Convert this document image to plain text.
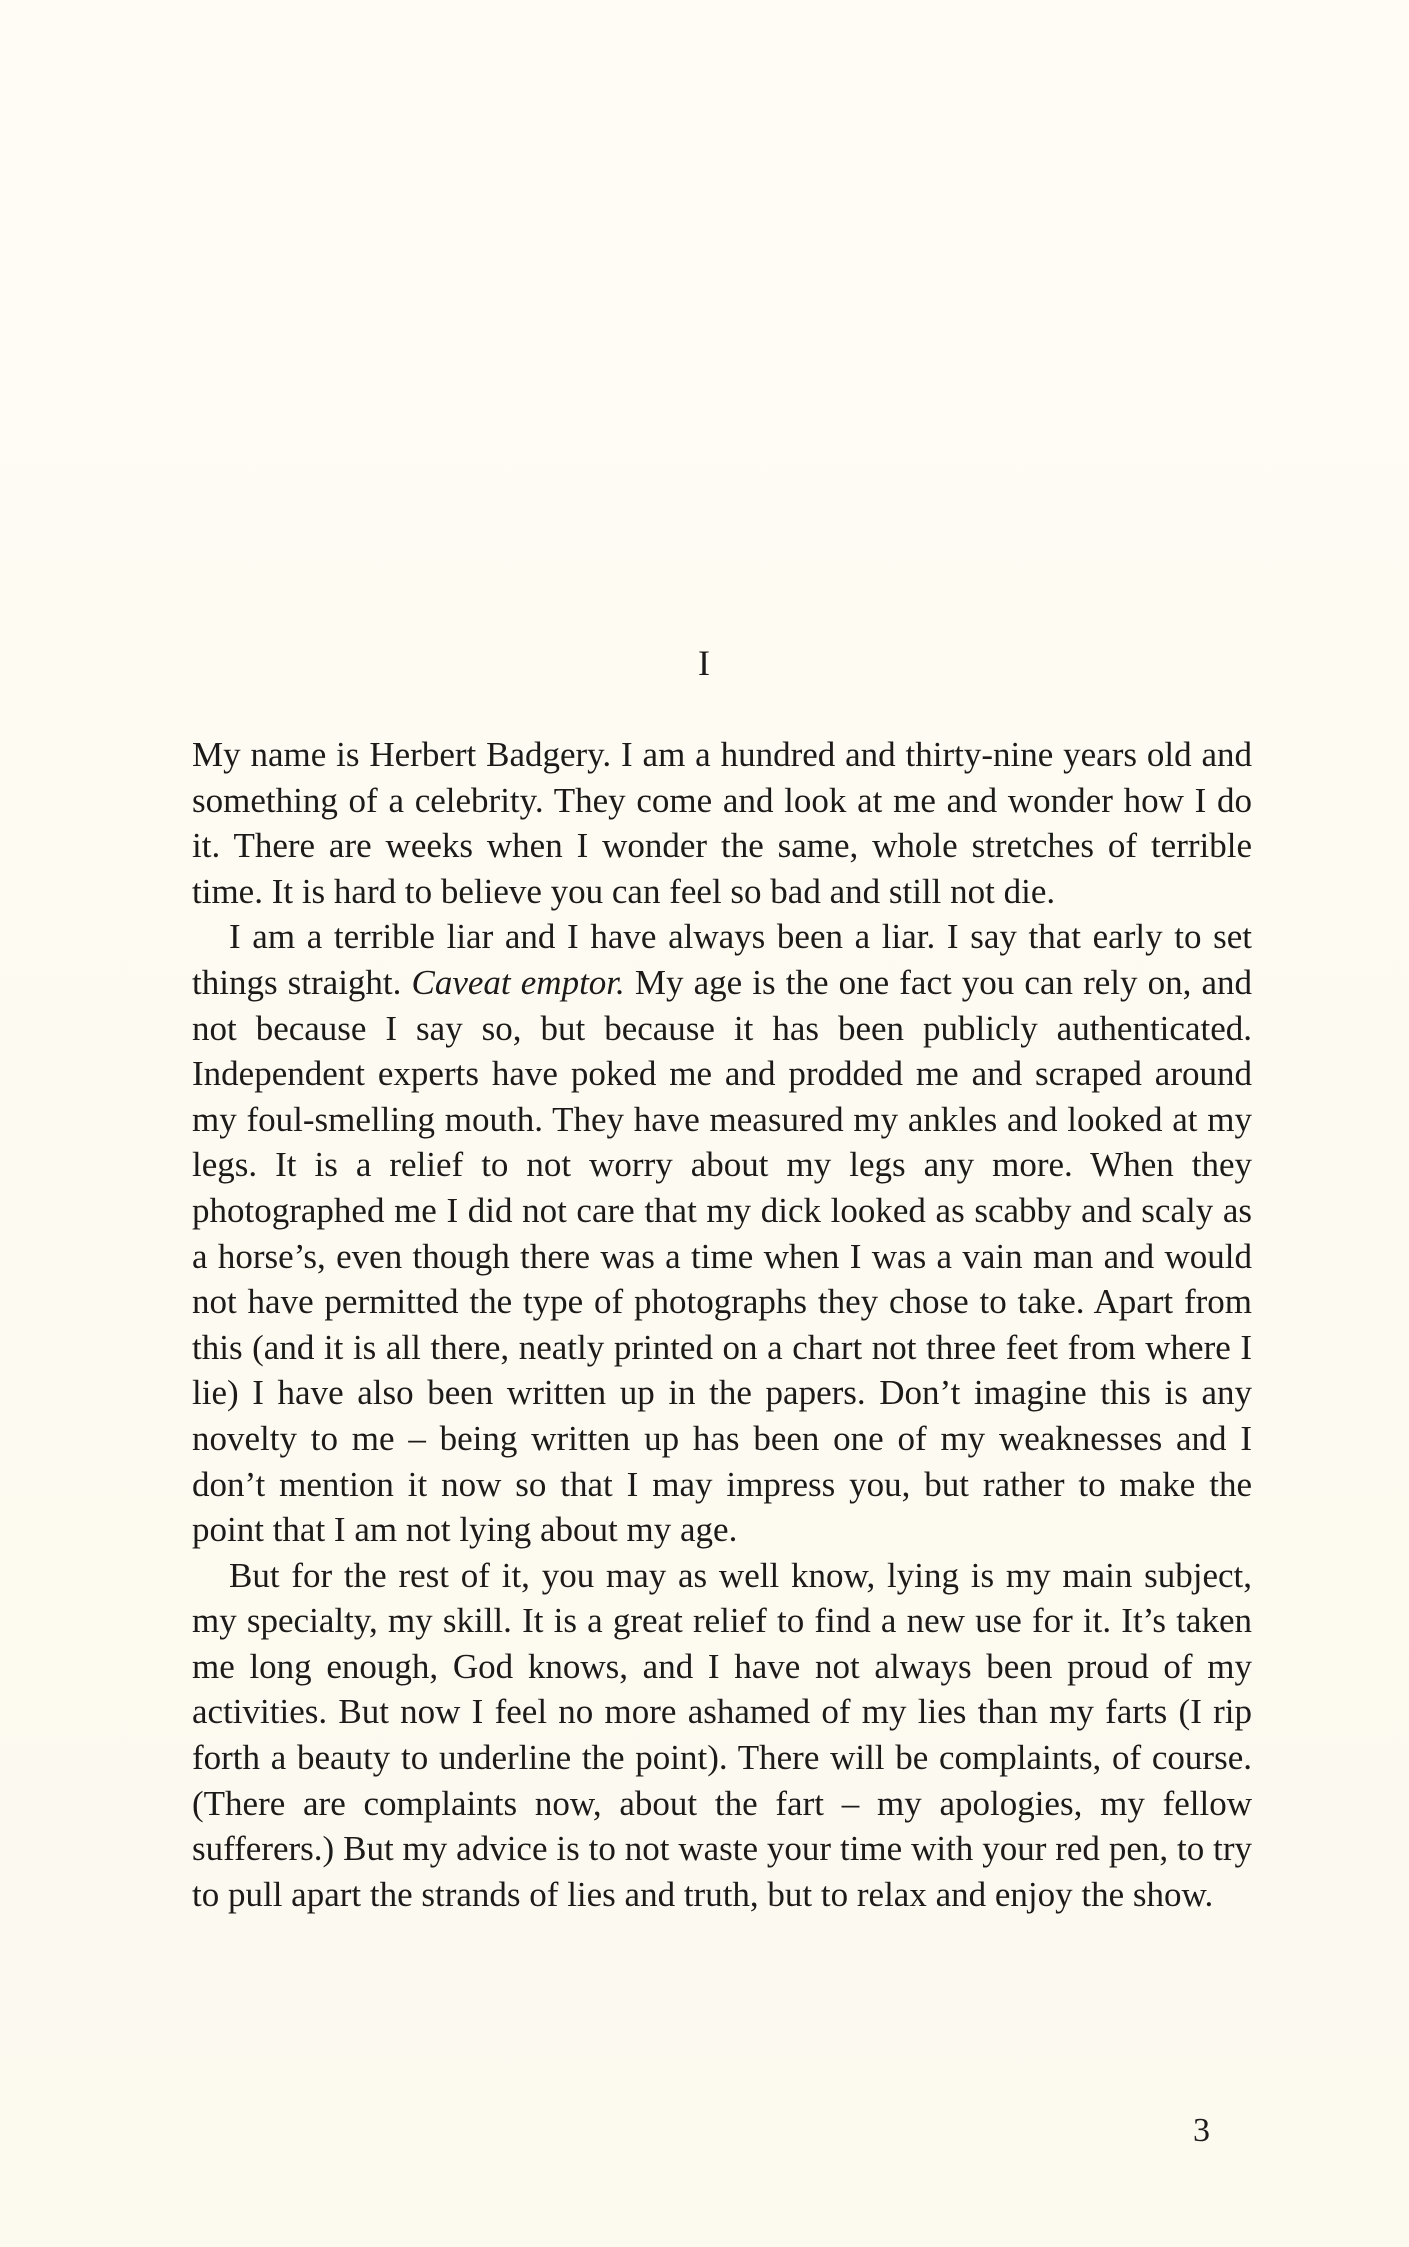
I

My name is Herbert Badgery. I am a hundred and thirty-nine years old and something of a celebrity. They come and look at me and wonder how I do it. There are weeks when I wonder the same, whole stretches of terrible time. It is hard to believe you can feel so bad and still not die.

I am a terrible liar and I have always been a liar. I say that early to set things straight. Caveat emptor. My age is the one fact you can rely on, and not because I say so, but because it has been publicly authenticated. Independent experts have poked me and prodded me and scraped around my foul-smelling mouth. They have measured my ankles and looked at my legs. It is a relief to not worry about my legs any more. When they photographed me I did not care that my dick looked as scabby and scaly as a horse’s, even though there was a time when I was a vain man and would not have permitted the type of photographs they chose to take. Apart from this (and it is all there, neatly printed on a chart not three feet from where I lie) I have also been written up in the papers. Don’t imagine this is any novelty to me – being written up has been one of my weaknesses and I don’t mention it now so that I may impress you, but rather to make the point that I am not lying about my age.

But for the rest of it, you may as well know, lying is my main subject, my specialty, my skill. It is a great relief to find a new use for it. It’s taken me long enough, God knows, and I have not always been proud of my activities. But now I feel no more ashamed of my lies than my farts (I rip forth a beauty to underline the point). There will be complaints, of course. (There are complaints now, about the fart – my apologies, my fellow sufferers.) But my advice is to not waste your time with your red pen, to try to pull apart the strands of lies and truth, but to relax and enjoy the show.

3
